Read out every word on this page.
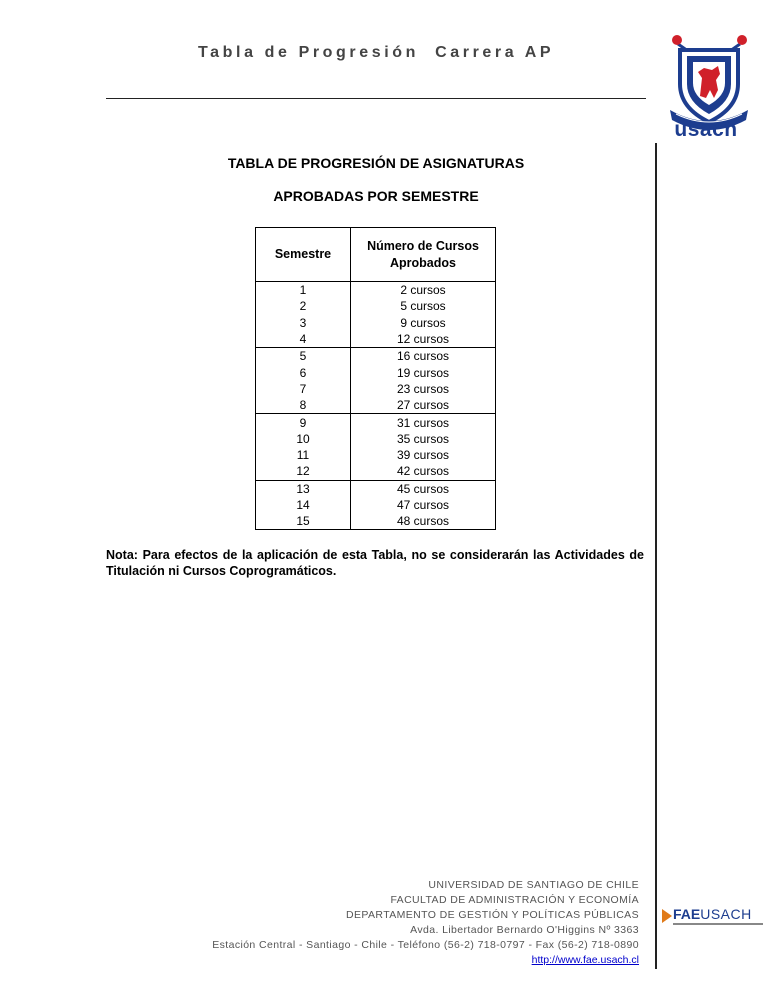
Tabla de Progresión  Carrera AP
usach
TABLA DE PROGRESIÓN DE ASIGNATURAS
APROBADAS POR SEMESTRE
Semestre	Número de Cursos
Aprobados
1	2 cursos
2	5 cursos
3	9 cursos
4	12 cursos
5	16 cursos
6	19 cursos
7	23 cursos
8	27 cursos
9	31 cursos
10	35 cursos
11	39 cursos
12	42 cursos
13	45 cursos
14	47 cursos
15	48 cursos
Nota: Para efectos de la aplicación de esta Tabla, no se considerarán las Actividades de Titulación ni Cursos Coprogramáticos.
UNIVERSIDAD DE SANTIAGO DE CHILE
FACULTAD DE ADMINISTRACIÓN Y ECONOMÍA
DEPARTAMENTO DE GESTIÓN Y POLÍTICAS PÚBLICAS
Avda. Libertador Bernardo O'Higgins Nº 3363
Estación Central - Santiago - Chile - Teléfono (56-2) 718-0797 - Fax (56-2) 718-0890
http://www.fae.usach.cl
FAEUSACH
